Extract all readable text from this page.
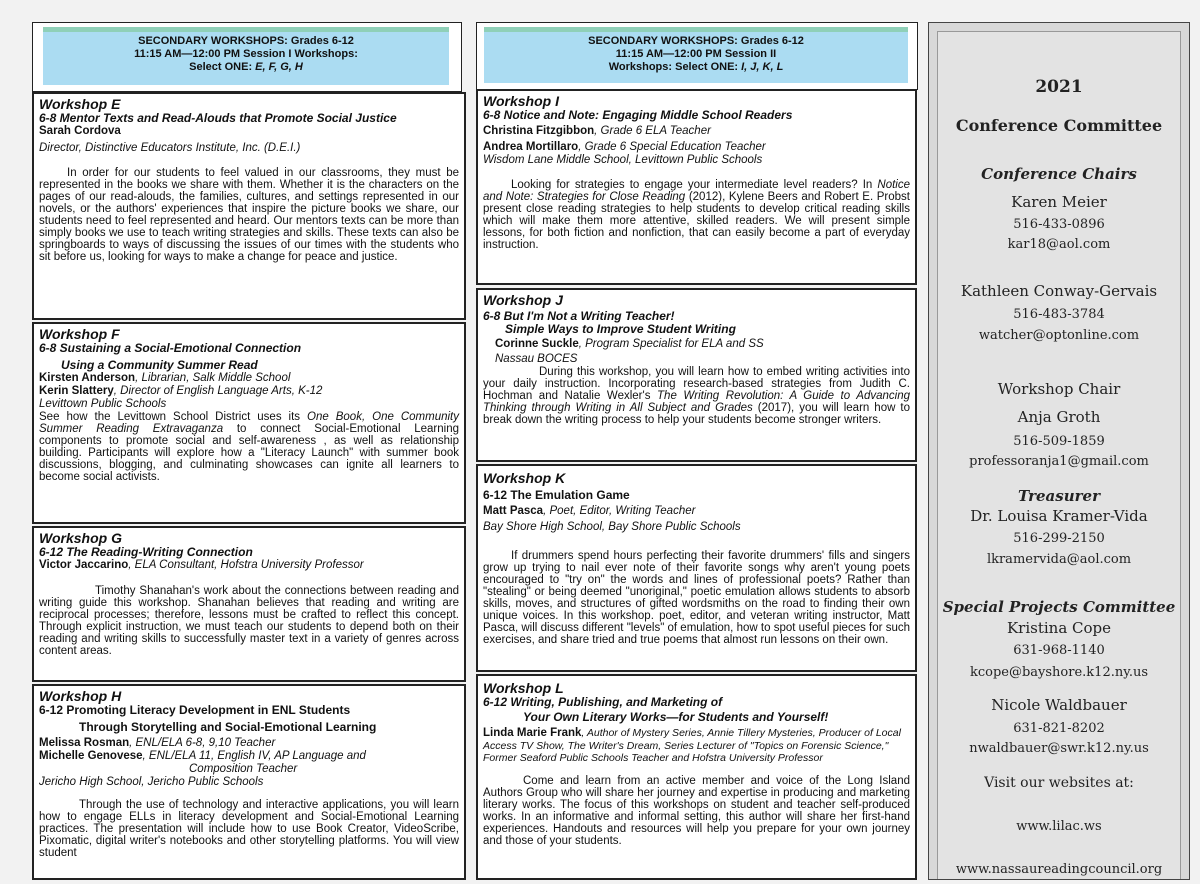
SECONDARY WORKSHOPS: Grades 6-12
11:15 AM—12:00 PM Session I Workshops:
Select ONE: E, F, G, H
SECONDARY WORKSHOPS: Grades 6-12
11:15 AM—12:00 PM Session II
Workshops: Select ONE: I, J, K, L
Workshop E
6-8 Mentor Texts and Read-Alouds that Promote Social Justice
Sarah Cordova
Director, Distinctive Educators Institute, Inc. (D.E.I.)
In order for our students to feel valued in our classrooms, they must be represented in the books we share with them. Whether it is the characters on the pages of our read-alouds, the families, cultures, and settings represented in our novels, or the authors' experiences that inspire the picture books we share, our students need to feel represented and heard. Our mentors texts can be more than simply books we use to teach writing strategies and skills. These texts can also be springboards to ways of discussing the issues of our times with the students who sit before us, looking for ways to make a change for peace and justice.
Workshop F
6-8 Sustaining a Social-Emotional Connection
Using a Community Summer Read
Kirsten Anderson, Librarian, Salk Middle School
Kerin Slattery, Director of English Language Arts, K-12
Levittown Public Schools
See how the Levittown School District uses its One Book, One Community Summer Reading Extravaganza to connect Social-Emotional Learning components to promote social and self-awareness , as well as relationship building. Participants will explore how a "Literacy Launch" with summer book discussions, blogging, and culminating showcases can ignite all learners to become social activists.
Workshop G
6-12 The Reading-Writing Connection
Victor Jaccarino, ELA Consultant, Hofstra University Professor
Timothy Shanahan's work about the connections between reading and writing guide this workshop. Shanahan believes that reading and writing are reciprocal processes; therefore, lessons must be crafted to reflect this concept. Through explicit instruction, we must teach our students to depend both on their reading and writing skills to successfully master text in a variety of genres across content areas.
Workshop H
6-12 Promoting Literacy Development in ENL Students
Through Storytelling and Social-Emotional Learning
Melissa Rosman, ENL/ELA 6-8, 9,10 Teacher
Michelle Genovese, ENL/ELA 11, English IV, AP Language and
Composition Teacher
Jericho High School, Jericho Public Schools
Through the use of technology and interactive applications, you will learn how to engage ELLs in literacy development and Social-Emotional Learning practices. The presentation will include how to use Book Creator, VideoScribe, Pixomatic, digital writer's notebooks and other storytelling platforms. You will view student
Workshop I
6-8 Notice and Note: Engaging Middle School Readers
Christina Fitzgibbon, Grade 6 ELA Teacher
Andrea Mortillaro, Grade 6 Special Education Teacher
Wisdom Lane Middle School, Levittown Public Schools
Looking for strategies to engage your intermediate level readers? In Notice and Note: Strategies for Close Reading (2012), Kylene Beers and Robert E. Probst present close reading strategies to help students to develop critical reading skills which will make them more attentive, skilled readers. We will present simple lessons, for both fiction and nonfiction, that can easily become a part of everyday instruction.
Workshop J
6-8 But I'm Not a Writing Teacher!
Simple Ways to Improve Student Writing
Corinne Suckle, Program Specialist for ELA and SS
Nassau BOCES
During this workshop, you will learn how to embed writing activities into your daily instruction. Incorporating research-based strategies from Judith C. Hochman and Natalie Wexler's The Writing Revolution: A Guide to Advancing Thinking through Writing in All Subject and Grades (2017), you will learn how to break down the writing process to help your students become stronger writers.
Workshop K
6-12 The Emulation Game
Matt Pasca, Poet, Editor, Writing Teacher
Bay Shore High School, Bay Shore Public Schools
If drummers spend hours perfecting their favorite drummers' fills and singers grow up trying to nail ever note of their favorite songs why aren't young poets encouraged to "try on" the words and lines of professional poets? Rather than "stealing" or being deemed "unoriginal," poetic emulation allows students to absorb skills, moves, and structures of gifted wordsmiths on the road to finding their own unique voices. In this workshop. poet, editor, and veteran writing instructor, Matt Pasca, will discuss different "levels" of emulation, how to spot useful pieces for such exercises, and share tried and true poems that almost run lessons on their own.
Workshop L
6-12 Writing, Publishing, and Marketing of
Your Own Literary Works—for Students and Yourself!
Linda Marie Frank, Author of Mystery Series, Annie Tillery Mysteries, Producer of Local Access TV Show, The Writer's Dream, Series Lecturer of "Topics on Forensic Science," Former Seaford Public Schools Teacher and Hofstra University Professor
Come and learn from an active member and voice of the Long Island Authors Group who will share her journey and expertise in producing and marketing literary works. The focus of this workshops on student and teacher self-produced works. In an informative and informal setting, this author will share her first-hand experiences. Handouts and resources will help you prepare for your own journey and those of your students.
2021
Conference Committee
Conference Chairs
Karen Meier
516-433-0896
kar18@aol.com
Kathleen Conway-Gervais
516-483-3784
watcher@optonline.com
Workshop Chair
Anja Groth
516-509-1859
professoranja1@gmail.com
Treasurer
Dr. Louisa Kramer-Vida
516-299-2150
lkramervida@aol.com
Special Projects Committee
Kristina Cope
631-968-1140
kcope@bayshore.k12.ny.us
Nicole Waldbauer
631-821-8202
nwaldbauer@swr.k12.ny.us
Visit our websites at:
www.lilac.ws
www.nassaureadingcouncil.org
